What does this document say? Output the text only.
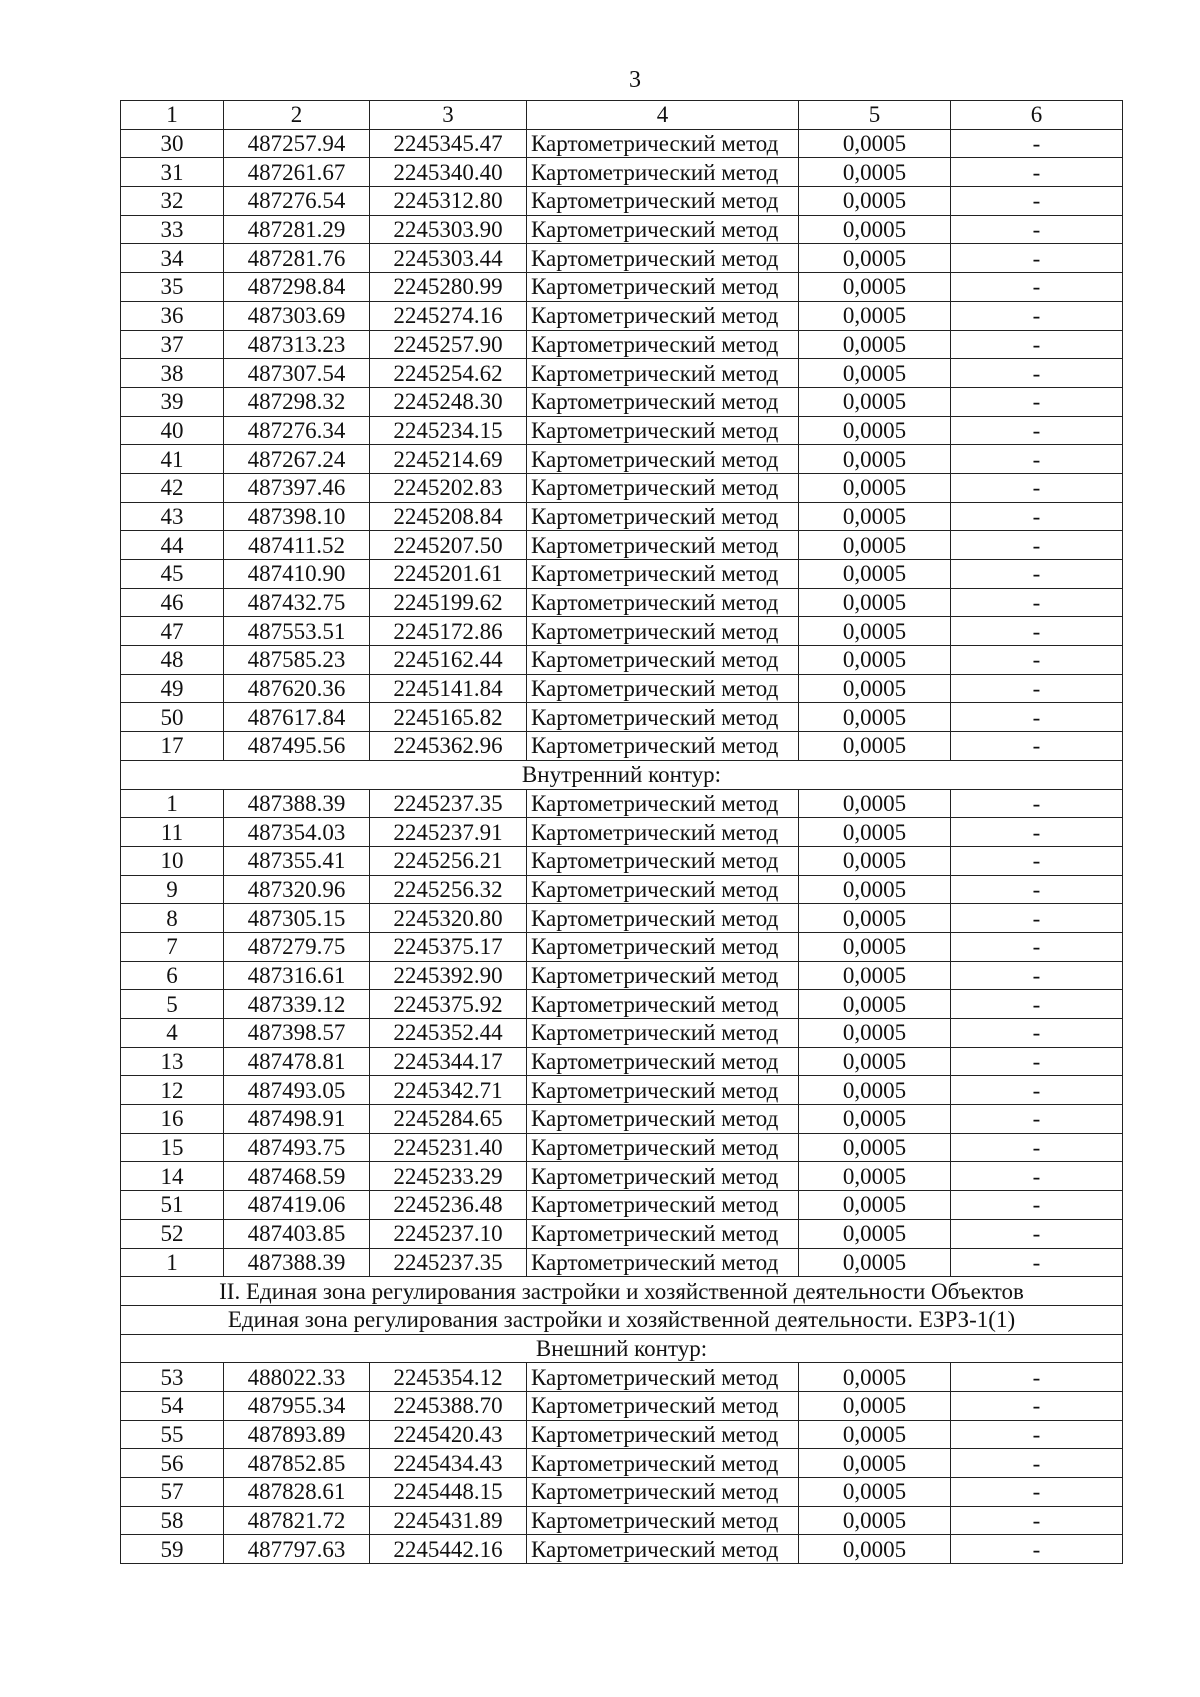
3
1	2	3	4	5	6
30	487257.94	2245345.47	Картометрический метод	0,0005	-
31	487261.67	2245340.40	Картометрический метод	0,0005	-
32	487276.54	2245312.80	Картометрический метод	0,0005	-
33	487281.29	2245303.90	Картометрический метод	0,0005	-
34	487281.76	2245303.44	Картометрический метод	0,0005	-
35	487298.84	2245280.99	Картометрический метод	0,0005	-
36	487303.69	2245274.16	Картометрический метод	0,0005	-
37	487313.23	2245257.90	Картометрический метод	0,0005	-
38	487307.54	2245254.62	Картометрический метод	0,0005	-
39	487298.32	2245248.30	Картометрический метод	0,0005	-
40	487276.34	2245234.15	Картометрический метод	0,0005	-
41	487267.24	2245214.69	Картометрический метод	0,0005	-
42	487397.46	2245202.83	Картометрический метод	0,0005	-
43	487398.10	2245208.84	Картометрический метод	0,0005	-
44	487411.52	2245207.50	Картометрический метод	0,0005	-
45	487410.90	2245201.61	Картометрический метод	0,0005	-
46	487432.75	2245199.62	Картометрический метод	0,0005	-
47	487553.51	2245172.86	Картометрический метод	0,0005	-
48	487585.23	2245162.44	Картометрический метод	0,0005	-
49	487620.36	2245141.84	Картометрический метод	0,0005	-
50	487617.84	2245165.82	Картометрический метод	0,0005	-
17	487495.56	2245362.96	Картометрический метод	0,0005	-
Внутренний контур:					
1	487388.39	2245237.35	Картометрический метод	0,0005	-
11	487354.03	2245237.91	Картометрический метод	0,0005	-
10	487355.41	2245256.21	Картометрический метод	0,0005	-
9	487320.96	2245256.32	Картометрический метод	0,0005	-
8	487305.15	2245320.80	Картометрический метод	0,0005	-
7	487279.75	2245375.17	Картометрический метод	0,0005	-
6	487316.61	2245392.90	Картометрический метод	0,0005	-
5	487339.12	2245375.92	Картометрический метод	0,0005	-
4	487398.57	2245352.44	Картометрический метод	0,0005	-
13	487478.81	2245344.17	Картометрический метод	0,0005	-
12	487493.05	2245342.71	Картометрический метод	0,0005	-
16	487498.91	2245284.65	Картометрический метод	0,0005	-
15	487493.75	2245231.40	Картометрический метод	0,0005	-
14	487468.59	2245233.29	Картометрический метод	0,0005	-
51	487419.06	2245236.48	Картометрический метод	0,0005	-
52	487403.85	2245237.10	Картометрический метод	0,0005	-
1	487388.39	2245237.35	Картометрический метод	0,0005	-
II. Единая зона регулирования застройки и хозяйственной деятельности Объектов					
Единая зона регулирования застройки и хозяйственной деятельности. ЕЗРЗ-1(1)					
Внешний контур:					
53	488022.33	2245354.12	Картометрический метод	0,0005	-
54	487955.34	2245388.70	Картометрический метод	0,0005	-
55	487893.89	2245420.43	Картометрический метод	0,0005	-
56	487852.85	2245434.43	Картометрический метод	0,0005	-
57	487828.61	2245448.15	Картометрический метод	0,0005	-
58	487821.72	2245431.89	Картометрический метод	0,0005	-
59	487797.63	2245442.16	Картометрический метод	0,0005	-
